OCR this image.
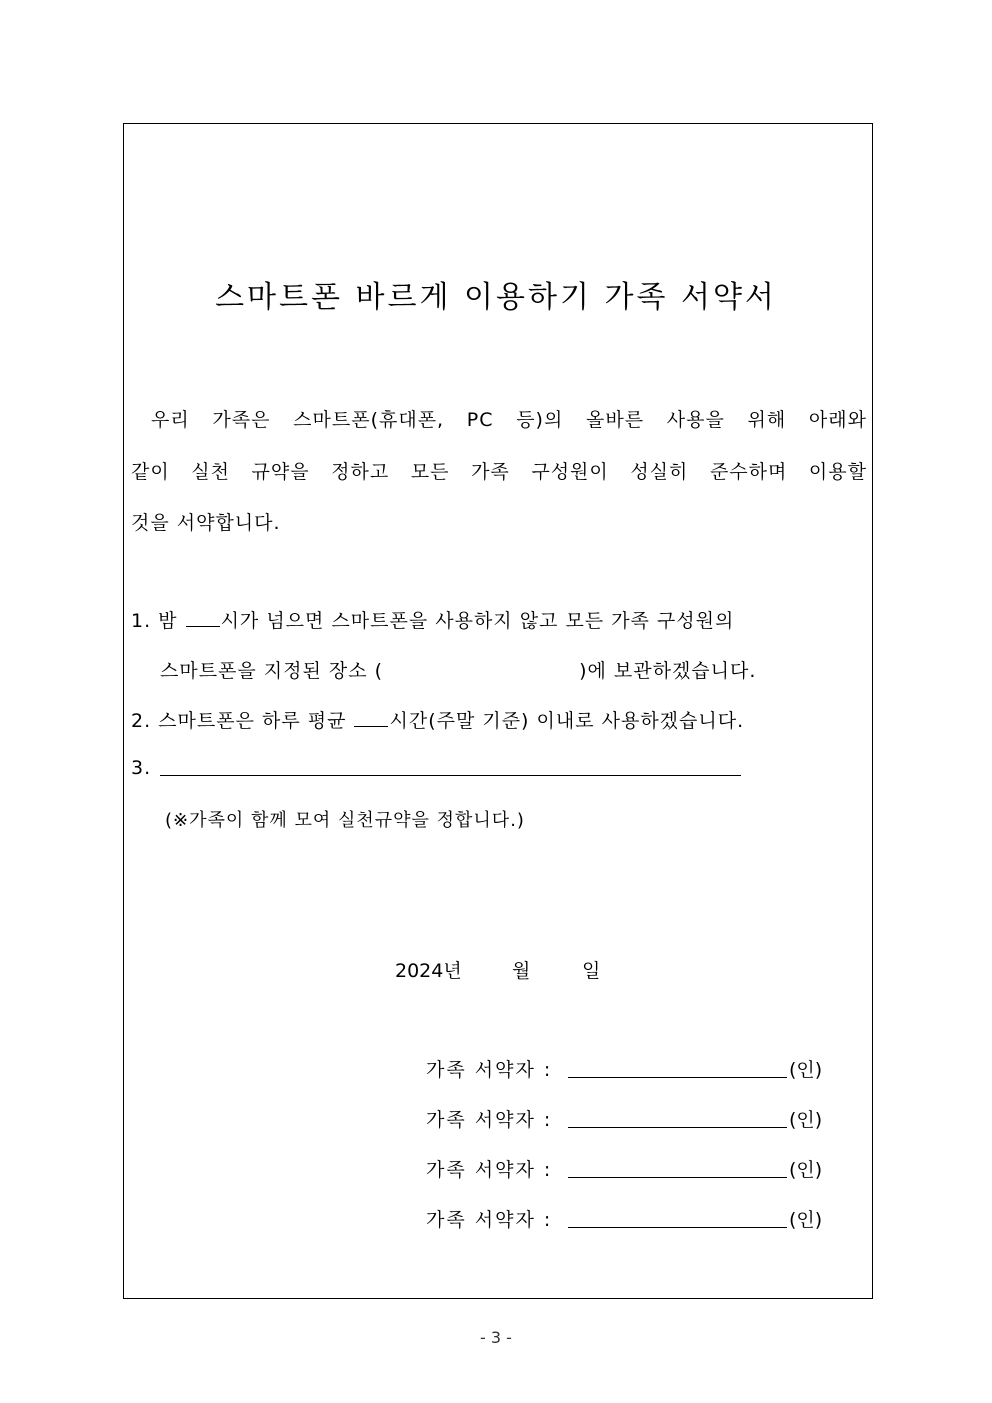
스마트폰 바르게 이용하기 가족 서약서
우리 가족은 스마트폰(휴대폰, PC 등)의 올바른 사용을 위해 아래와
같이 실천 규약을 정하고 모든 가족 구성원이 성실히 준수하며 이용할
것을 서약합니다.
1. 밤 시가 넘으면 스마트폰을 사용하지 않고 모든 가족 구성원의
스마트폰을 지정된 장소 (	)에 보관하겠습니다.
2. 스마트폰은 하루 평균 시간(주말 기준) 이내로 사용하겠습니다.
3.
(※가족이 함께 모여 실천규약을 정합니다.)
2024년	월	일
가족 서약자 :	(인)
가족 서약자 :	(인)
가족 서약자 :	(인)
가족 서약자 :	(인)
- 3 -
